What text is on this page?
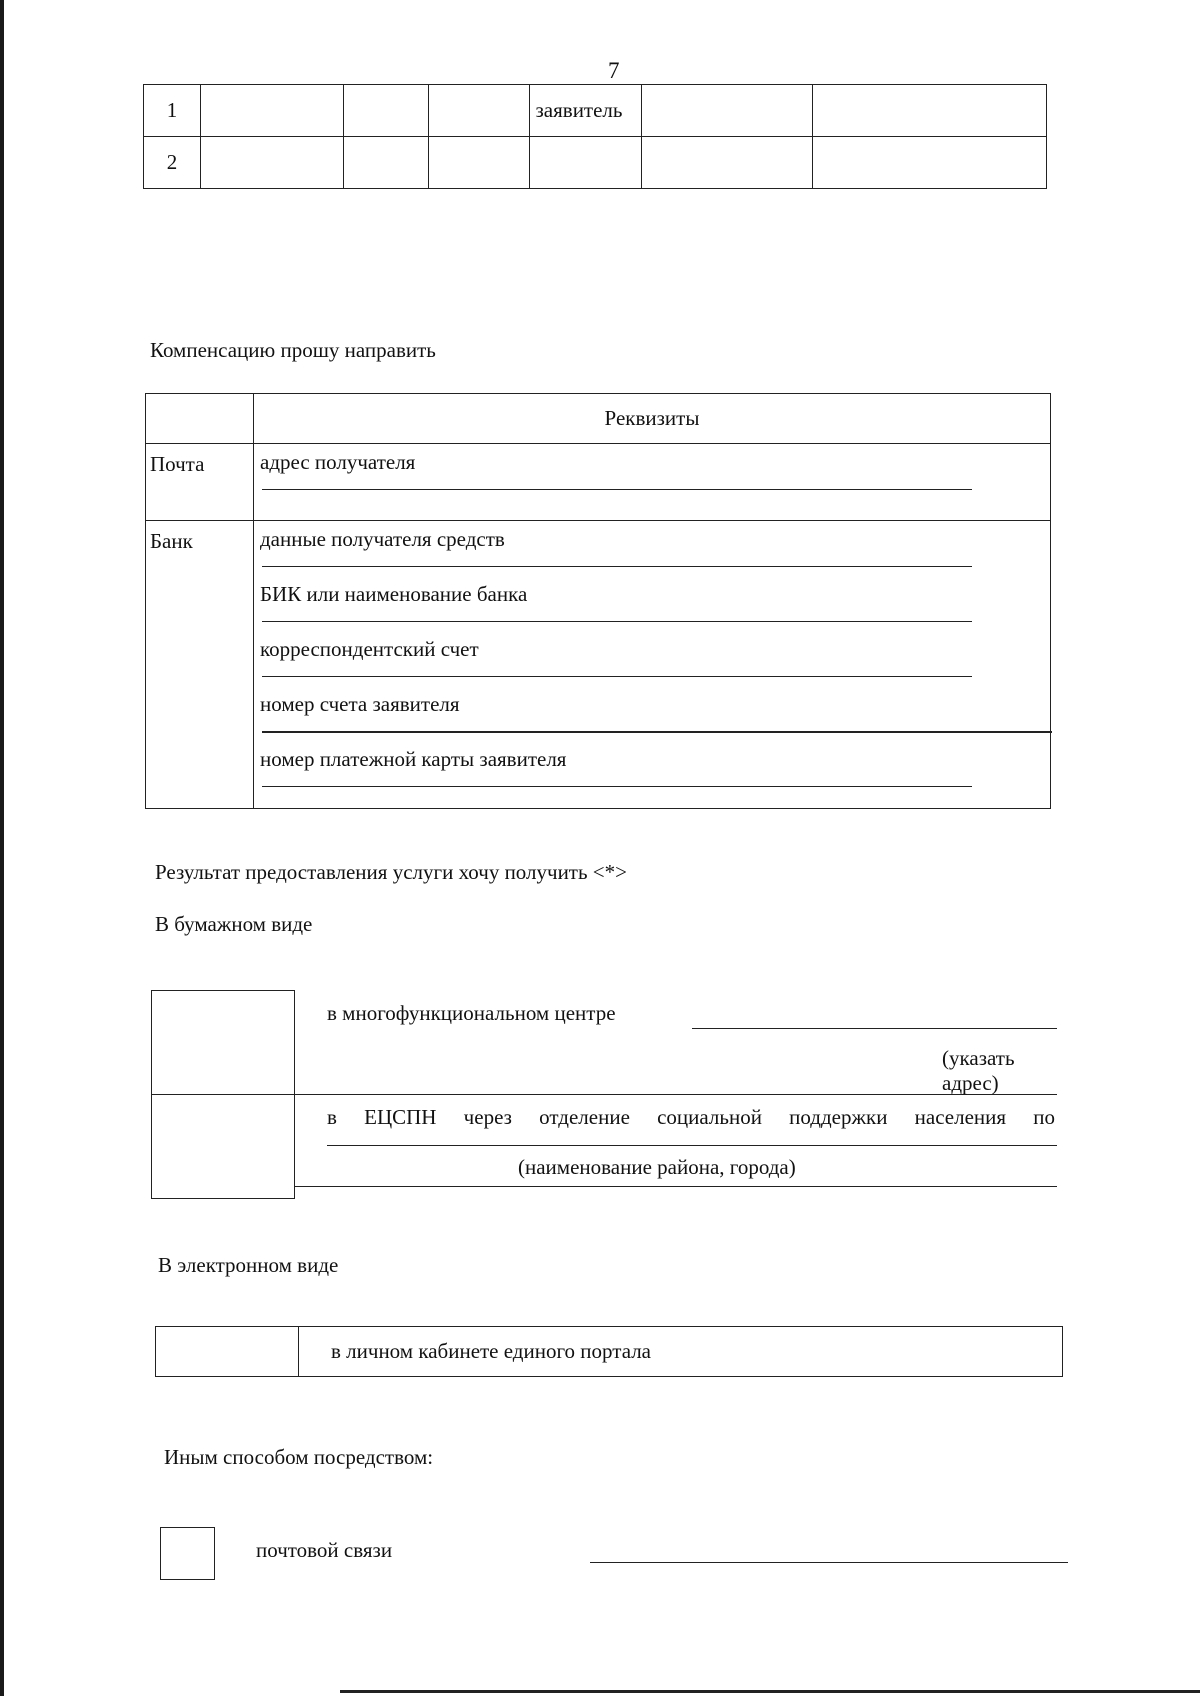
7
1				заявитель		
2						
Компенсацию прошу направить
	Реквизиты
Почта	адрес получателя

Банк	данные получателя средств
БИК или наименование банка
корреспондентский счет
номер счета заявителя
номер платежной карты заявителя
Результат предоставления услуги хочу получить <*>
В бумажном виде
	в многофункциональном центре
(указать адрес)

	в ЕЦСПН через отделение социальной поддержки населения по
(наименование района, города)
В электронном виде
	в личном кабинете единого портала
Иным способом посредством:
почтовой связи
